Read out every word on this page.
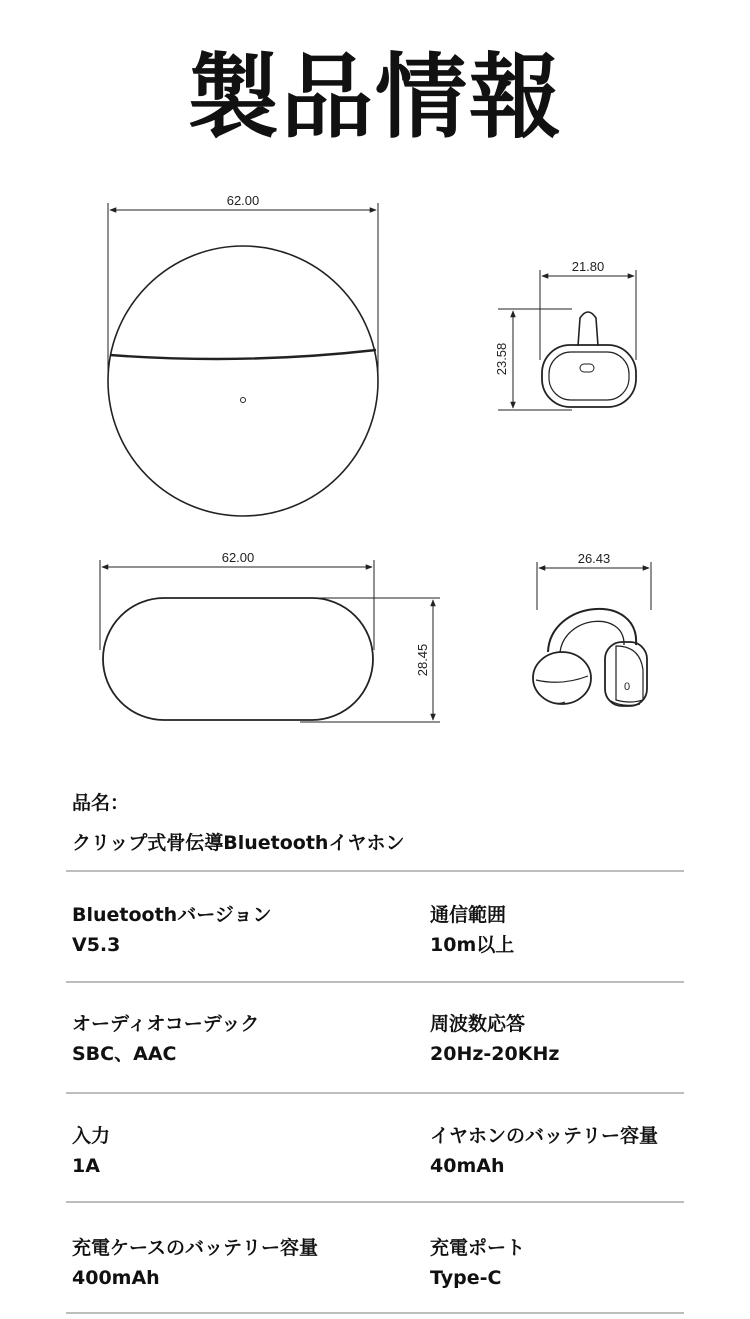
製品情報
62.00
21.80
23.58
62.00
28.45
26.43
0
品名：
クリップ式骨伝導Bluetoothイヤホン
Bluetoothバージョン
V5.3
通信範囲
10m以上
オーディオコーデック
SBC、AAC
周波数応答
20Hz-20KHz
入力
1A
イヤホンのバッテリー容量
40mAh
充電ケースのバッテリー容量
400mAh
充電ポート
Type-C
